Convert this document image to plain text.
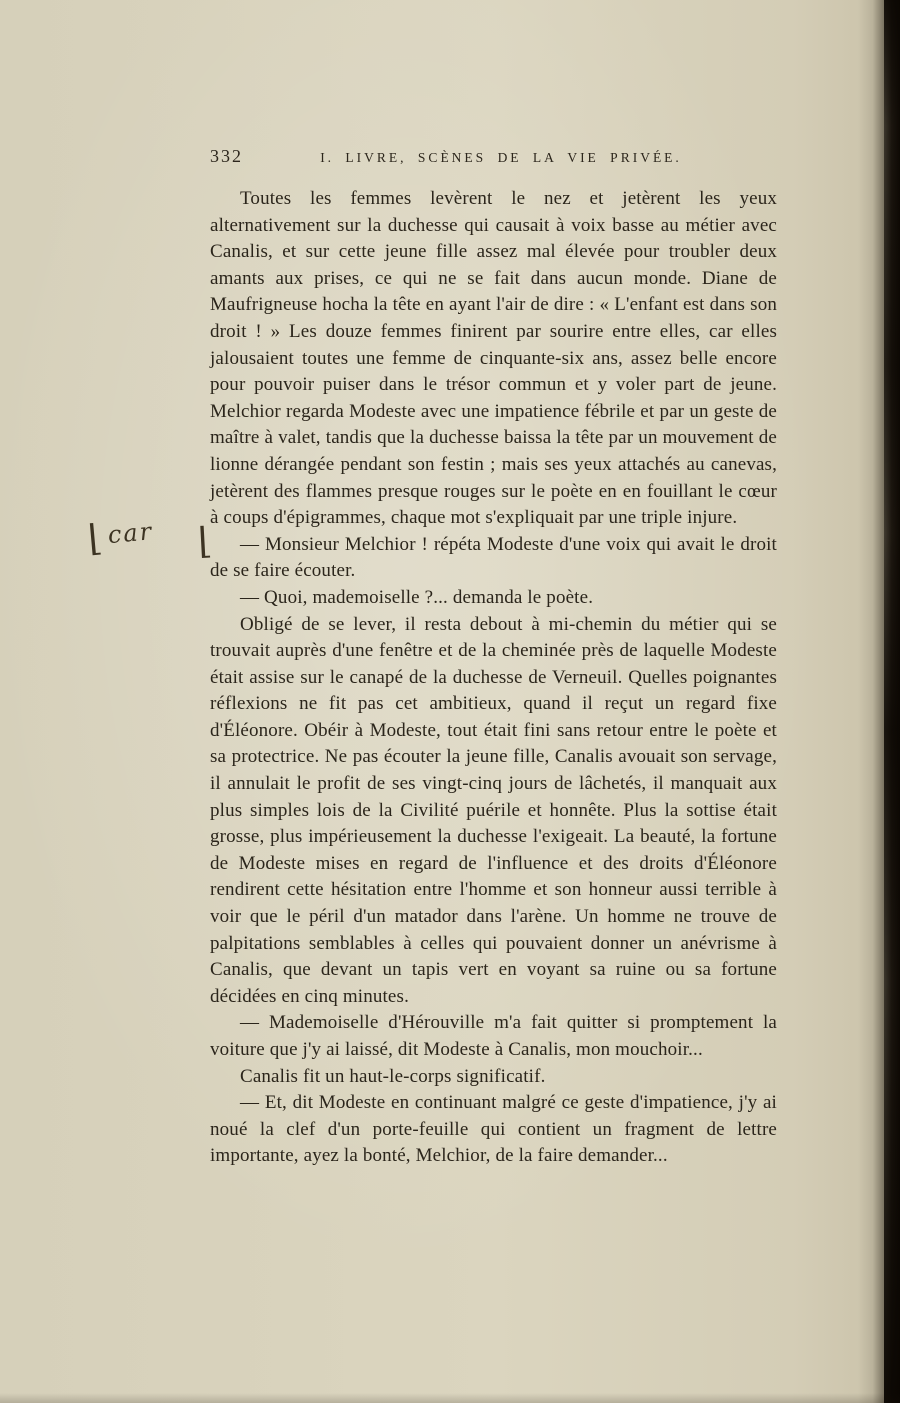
332	I. LIVRE, SCÈNES DE LA VIE PRIVÉE.
⌊ car ⌊

Toutes les femmes levèrent le nez et jetèrent les yeux alternativement sur la duchesse qui causait à voix basse au métier avec Canalis, et sur cette jeune fille assez mal élevée pour troubler deux amants aux prises, ce qui ne se fait dans aucun monde. Diane de Maufrigneuse hocha la tête en ayant l'air de dire : « L'enfant est dans son droit ! » Les douze femmes finirent par sourire entre elles, car elles jalousaient toutes une femme de cinquante-six ans, assez belle encore pour pouvoir puiser dans le trésor commun et y voler part de jeune. Melchior regarda Modeste avec une impatience fébrile et par un geste de maître à valet, tandis que la duchesse baissa la tête par un mouvement de lionne dérangée pendant son festin ; mais ses yeux attachés au canevas, jetèrent des flammes presque rouges sur le poète en en fouillant le cœur à coups d'épigrammes, chaque mot s'expliquait par une triple injure.

— Monsieur Melchior ! répéta Modeste d'une voix qui avait le droit de se faire écouter.

— Quoi, mademoiselle ?... demanda le poète.

Obligé de se lever, il resta debout à mi-chemin du métier qui se trouvait auprès d'une fenêtre et de la cheminée près de laquelle Modeste était assise sur le canapé de la duchesse de Verneuil. Quelles poignantes réflexions ne fit pas cet ambitieux, quand il reçut un regard fixe d'Éléonore. Obéir à Modeste, tout était fini sans retour entre le poète et sa protectrice. Ne pas écouter la jeune fille, Canalis avouait son servage, il annulait le profit de ses vingt-cinq jours de lâchetés, il manquait aux plus simples lois de la Civilité puérile et honnête. Plus la sottise était grosse, plus impérieusement la duchesse l'exigeait. La beauté, la fortune de Modeste mises en regard de l'influence et des droits d'Éléonore rendirent cette hésitation entre l'homme et son honneur aussi terrible à voir que le péril d'un matador dans l'arène. Un homme ne trouve de palpitations semblables à celles qui pouvaient donner un anévrisme à Canalis, que devant un tapis vert en voyant sa ruine ou sa fortune décidées en cinq minutes.

— Mademoiselle d'Hérouville m'a fait quitter si promptement la voiture que j'y ai laissé, dit Modeste à Canalis, mon mouchoir...

Canalis fit un haut-le-corps significatif.

— Et, dit Modeste en continuant malgré ce geste d'impatience, j'y ai noué la clef d'un porte-feuille qui contient un fragment de lettre importante, ayez la bonté, Melchior, de la faire demander...
